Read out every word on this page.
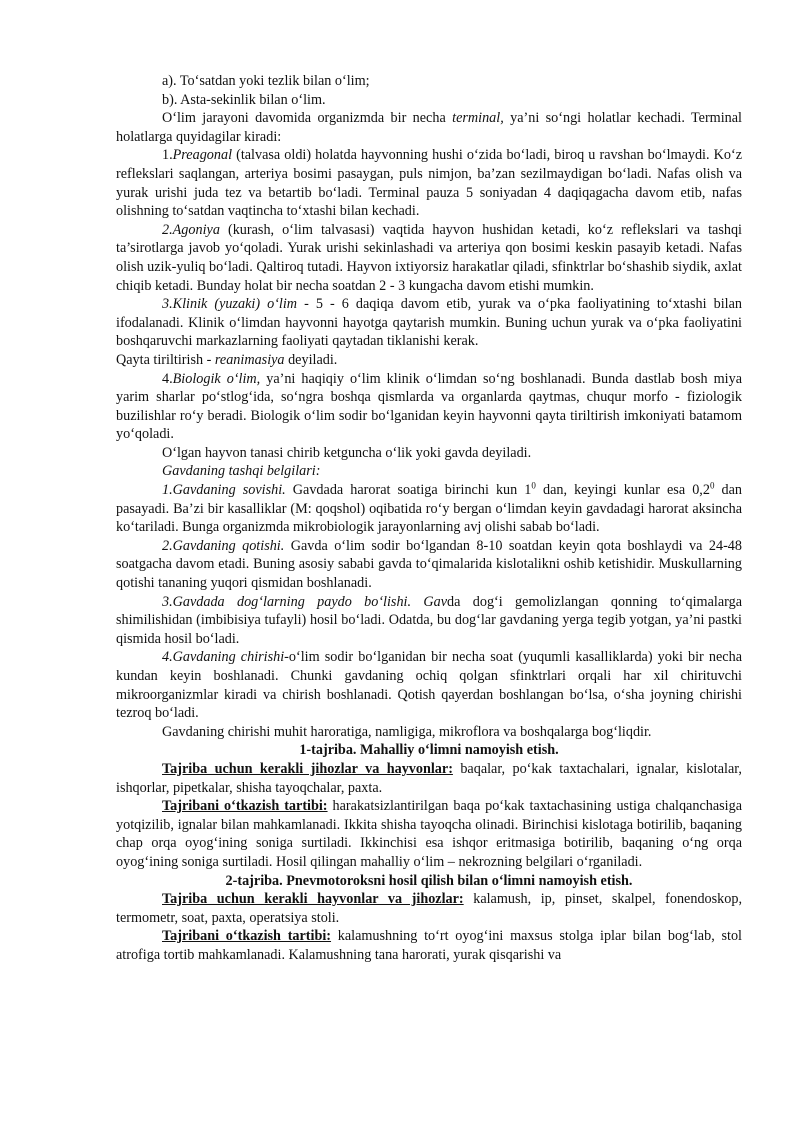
a). To‘satdan yoki tezlik bilan o‘lim;

b). Asta-sekinlik bilan o‘lim.

O‘lim jarayoni davomida organizmda bir necha terminal, ya’ni so‘ngi holatlar kechadi. Terminal holatlarga quyidagilar kiradi:

1.Preagonal (talvasa oldi) holatda hayvonning hushi o‘zida bo‘ladi, biroq u ravshan bo‘lmaydi. Ko‘z reflekslari saqlangan, arteriya bosimi pasaygan, puls nimjon, ba’zan sezilmaydigan bo‘ladi. Nafas olish va yurak urishi juda tez va betartib bo‘ladi. Terminal pauza 5 soniyadan 4 daqiqagacha davom etib, nafas olishning to‘satdan vaqtincha to‘xtashi bilan kechadi.

2.Agoniya (kurash, o‘lim talvasasi) vaqtida hayvon hushidan ketadi, ko‘z reflekslari va tashqi ta’sirotlarga javob yo‘qoladi. Yurak urishi sekinlashadi va arteriya qon bosimi keskin pasayib ketadi. Nafas olish uzik-yuliq bo‘ladi. Qaltiroq tutadi. Hayvon ixtiyorsiz harakatlar qiladi, sfinktrlar bo‘shashib siydik, axlat chiqib ketadi. Bunday holat bir necha soatdan 2 - 3 kungacha davom etishi mumkin.

3.Klinik (yuzaki) o‘lim - 5 - 6 daqiqa davom etib, yurak va o‘pka faoliyatining to‘xtashi bilan ifodalanadi. Klinik o‘limdan hayvonni hayotga qaytarish mumkin. Buning uchun yurak va o‘pka faoliyatini boshqaruvchi markazlarning faoliyati qaytadan tiklanishi kerak.

Qayta tiriltirish - reanimasiya deyiladi.

4.Biologik o‘lim, ya’ni haqiqiy o‘lim klinik o‘limdan so‘ng boshlanadi. Bunda dastlab bosh miya yarim sharlar po‘stlog‘ida, so‘ngra boshqa qismlarda va organlarda qaytmas, chuqur morfo - fiziologik buzilishlar ro‘y beradi. Biologik o‘lim sodir bo‘lganidan keyin hayvonni qayta tiriltirish imkoniyati batamom yo‘qoladi.

O‘lgan hayvon tanasi chirib ketguncha o‘lik yoki gavda deyiladi.

Gavdaning tashqi belgilari:

1.Gavdaning sovishi. Gavdada harorat soatiga birinchi kun $1^0$ dan, keyingi kunlar esa $0,2^0$ dan pasayadi. Ba’zi bir kasalliklar (M: qoqshol) oqibatida ro‘y bergan o‘limdan keyin gavdadagi harorat aksincha ko‘tariladi. Bunga organizmda mikrobiologik jarayonlarning avj olishi sabab bo‘ladi.

2.Gavdaning qotishi. Gavda o‘lim sodir bo‘lgandan 8-10 soatdan keyin qota boshlaydi va 24-48 soatgacha davom etadi. Buning asosiy sababi gavda to‘qimalarida kislotalikni oshib ketishidir. Muskullarning qotishi tananing yuqori qismidan boshlanadi.

3.Gavdada dog‘larning paydo bo‘lishi. Gavda dog‘i gemolizlangan qonning to‘qimalarga shimilishidan (imbibisiya tufayli) hosil bo‘ladi. Odatda, bu dog‘lar gavdaning yerga tegib yotgan, ya’ni pastki qismida hosil bo‘ladi.

4.Gavdaning chirishi-o‘lim sodir bo‘lganidan bir necha soat (yuqumli kasalliklarda) yoki bir necha kundan keyin boshlanadi. Chunki gavdaning ochiq qolgan sfinktrlari orqali har xil chirituvchi mikroorganizmlar kiradi va chirish boshlanadi. Qotish qayerdan boshlangan bo‘lsa, o‘sha joyning chirishi tezroq bo‘ladi.

Gavdaning chirishi muhit haroratiga, namligiga, mikroflora va boshqalarga bog‘liqdir.

1-tajriba. Mahalliy o‘limni namoyish etish.

Tajriba uchun kerakli jihozlar va hayvonlar: baqalar, po‘kak taxtachalari, ignalar, kislotalar, ishqorlar, pipetkalar, shisha tayoqchalar, paxta.

Tajribani o‘tkazish tartibi: harakatsizlantirilgan baqa po‘kak taxtachasining ustiga chalqanchasiga yotqizilib, ignalar bilan mahkamlanadi. Ikkita shisha tayoqcha olinadi. Birinchisi kislotaga botirilib, baqaning chap orqa oyog‘ining soniga surtiladi. Ikkinchisi esa ishqor eritmasiga botirilib, baqaning o‘ng orqa oyog‘ining soniga surtiladi. Hosil qilingan mahalliy o‘lim – nekrozning belgilari o‘rganiladi.

2-tajriba. Pnevmotoroksni hosil qilish bilan o‘limni namoyish etish.

Tajriba uchun kerakli hayvonlar va jihozlar: kalamush, ip, pinset, skalpel, fonendoskop, termometr, soat, paxta, operatsiya stoli.

Tajribani o‘tkazish tartibi: kalamushning to‘rt oyog‘ini maxsus stolga iplar bilan bog‘lab, stol atrofiga tortib mahkamlanadi. Kalamushning tana harorati, yurak qisqarishi va
